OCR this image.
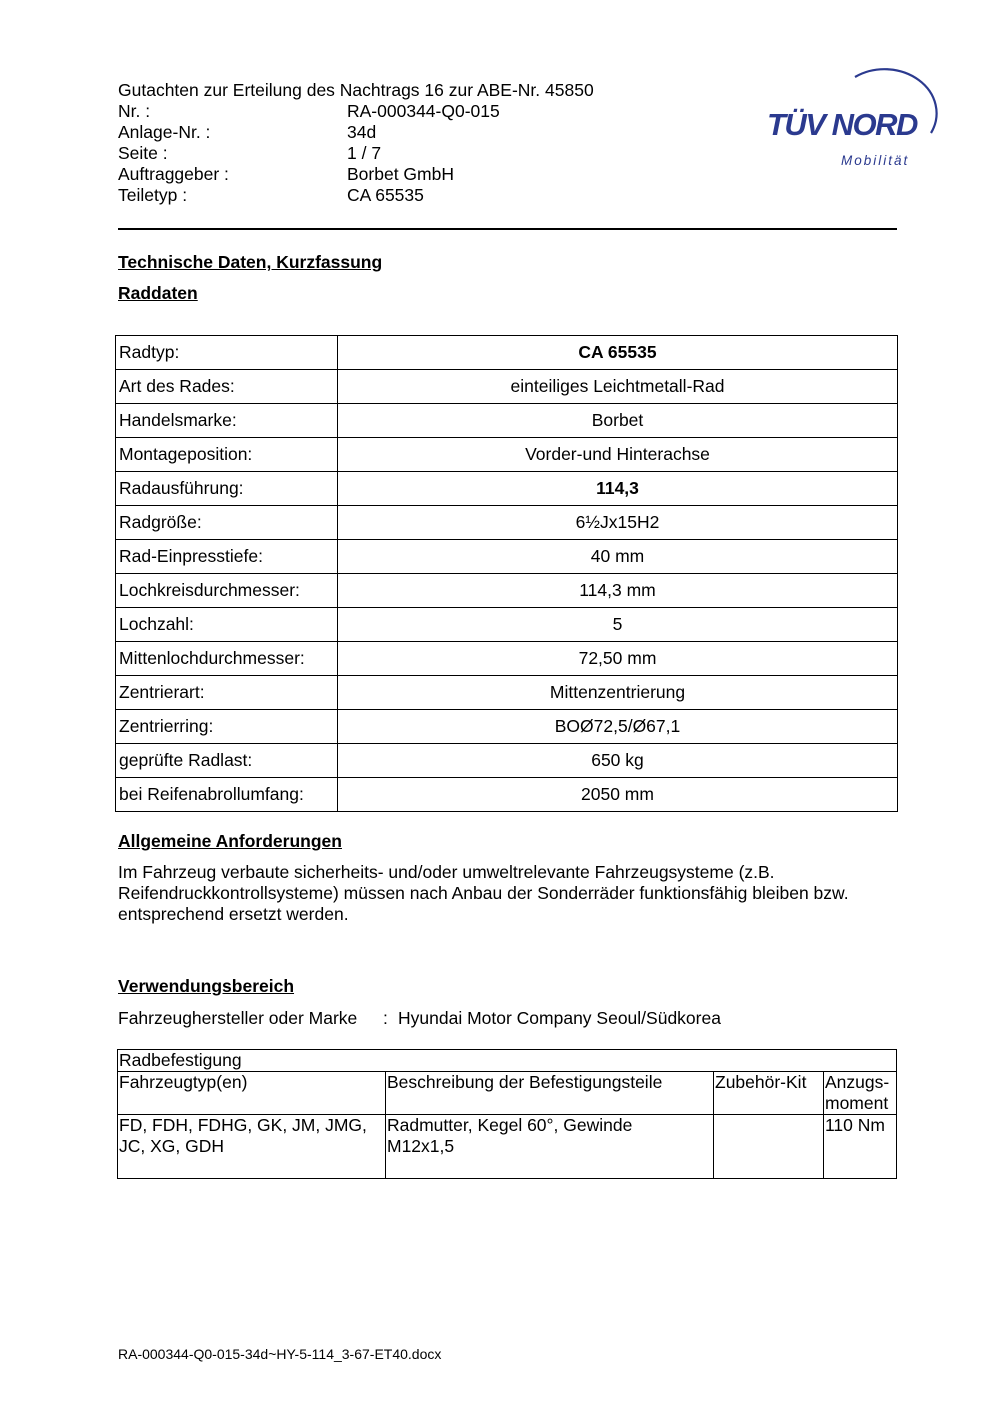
Gutachten zur Erteilung des Nachtrags 16 zur ABE-Nr. 45850
Nr. :	RA-000344-Q0-015
Anlage-Nr. :	34d
Seite :	1 / 7
Auftraggeber :	Borbet GmbH
Teiletyp :	CA 65535
TÜV NORD
Mobilität
Technische Daten, Kurzfassung
Raddaten
Radtyp:	CA 65535
Art des Rades:	einteiliges Leichtmetall-Rad
Handelsmarke:	Borbet
Montageposition:	Vorder-und Hinterachse
Radausführung:	114,3
Radgröße:	6½Jx15H2
Rad-Einpresstiefe:	40 mm
Lochkreisdurchmesser:	114,3 mm
Lochzahl:	5
Mittenlochdurchmesser:	72,50 mm
Zentrierart:	Mittenzentrierung
Zentrierring:	BOØ72,5/Ø67,1
geprüfte Radlast:	650 kg
bei Reifenabrollumfang:	2050 mm
Allgemeine Anforderungen
Im Fahrzeug verbaute sicherheits- und/oder umweltrelevante Fahrzeugsysteme (z.B.
Reifendruckkontrollsysteme) müssen nach Anbau der Sonderräder funktionsfähig bleiben bzw.
entsprechend ersetzt werden.
Verwendungsbereich
Fahrzeughersteller oder Marke : Hyundai Motor Company Seoul/Südkorea
Radbefestigung			
Fahrzeugtyp(en)	Beschreibung der Befestigungsteile	Zubehör-Kit	Anzugs-
moment
FD, FDH, FDHG, GK, JM, JMG,
JC, XG, GDH	Radmutter, Kegel 60°, Gewinde
M12x1,5		110 Nm
RA-000344-Q0-015-34d~HY-5-114_3-67-ET40.docx
